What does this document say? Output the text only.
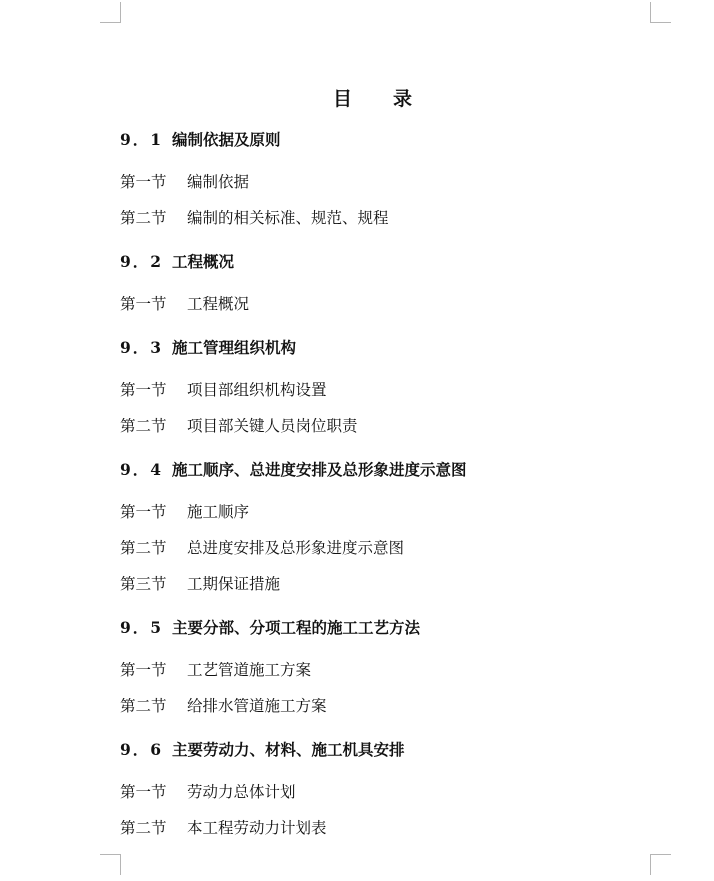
目　　录
9．1 编制依据及原则
第一节 编制依据
第二节 编制的相关标准、规范、规程
9．2 工程概况
第一节 工程概况
9．3 施工管理组织机构
第一节 项目部组织机构设置
第二节 项目部关键人员岗位职责
9．4 施工顺序、总进度安排及总形象进度示意图
第一节 施工顺序
第二节 总进度安排及总形象进度示意图
第三节 工期保证措施
9．5 主要分部、分项工程的施工工艺方法
第一节 工艺管道施工方案
第二节 给排水管道施工方案
9．6 主要劳动力、材料、施工机具安排
第一节 劳动力总体计划
第二节 本工程劳动力计划表
